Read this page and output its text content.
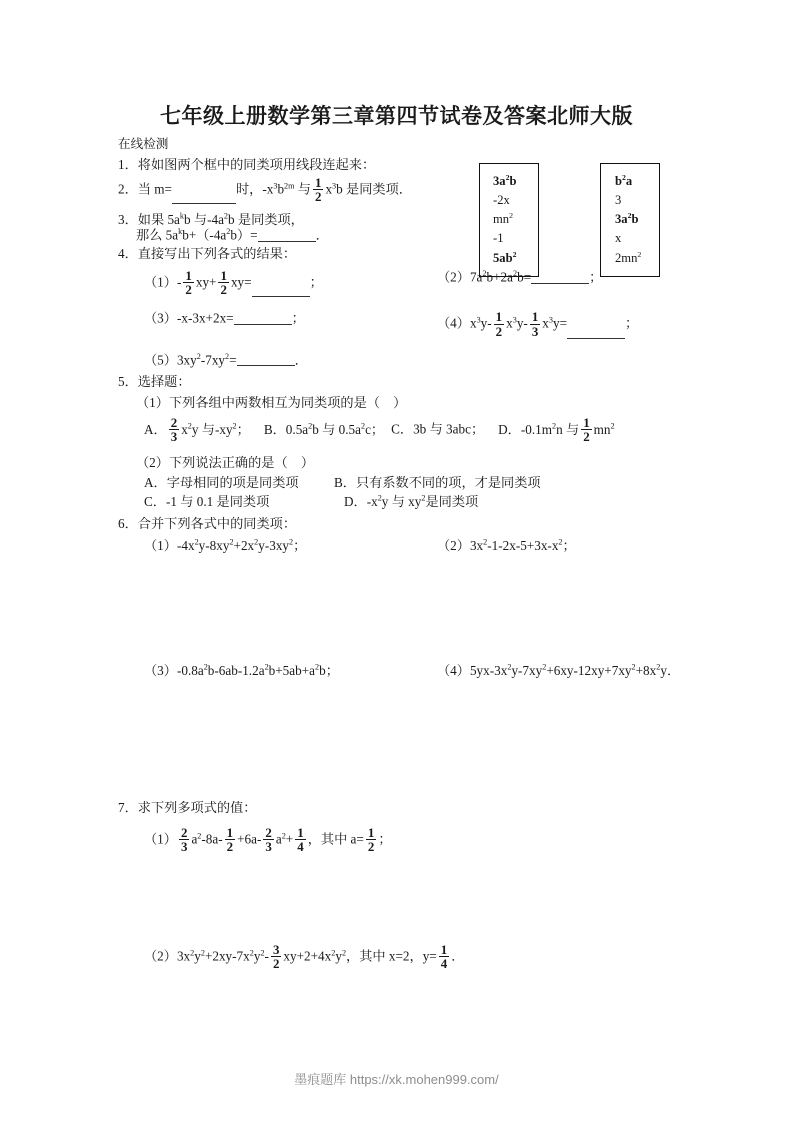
七年级上册数学第三章第四节试卷及答案北师大版
$3a^2b$
-2x
$mn^2$
-1
$5ab^2$
$b^2a$
3
$3a^2b$
x
$2mn^2$
在线检测
1．将如图两个框中的同类项用线段连起来：
2．当 m=	时，$-x^3b^{2m}$ 与 $\frac{1}{2} x^3b$ 是同类项．
3．如果 $5a^kb$ 与$-4a^2b$ 是同类项，
那么 $5a^kb+(-4a^2b)=$	．
4．直接写出下列各式的结果：
$(1)- \frac{1}{2} xy+ \frac{1}{2} xy=$	；	$(2)7a^2b+2a^2b=$	；
（3）-x-3x+2x=	；	$(4)x^3y- \frac{1}{2} x^3y- \frac{1}{3} x^3y=$	；
$(5)3xy^2-7xy^2=$	．
5．选择题：
（1）下列各组中两数相互为同类项的是（　）
A． $\frac{2}{3} x^2y$ 与$-xy^2$； B．$0.5a^2b$ 与 $0.5a^2c$； C．3b 与 3abc； D．$-0.1m^2n$ 与 $\frac{1}{2} mn^2$
（2）下列说法正确的是（　）
A．字母相同的项是同类项	B．只有系数不同的项，才是同类项
C．-1 与 0.1 是同类项	D．$-x^2y$ 与 $xy^2$是同类项
6．合并下列各式中的同类项：
$(1)-4x^2y-8xy^2+2x^2y-3xy^2$；	$(2)3x^2-1-2x-5+3x-x^2$；
$(3)-0.8a^2b-6ab-1.2a^2b+5ab+a^2b$；	$(4)5yx-3x^2y-7xy^2+6xy-12xy+7xy^2+8x^2y$．
7．求下列多项式的值：
$(1) \frac{2}{3} a^2-8a- \frac{1}{2} +6a- \frac{2}{3} a^2+ \frac{1}{4}$ ，其中 $a= \frac{1}{2}$ ；
$(2)3x^2y^2+2xy-7x^2y^2- \frac{3}{2} xy+2+4x^2y^2$，其中 x=2，$y= \frac{1}{4}$ ．
墨痕题库 https://xk.mohen999.com/
